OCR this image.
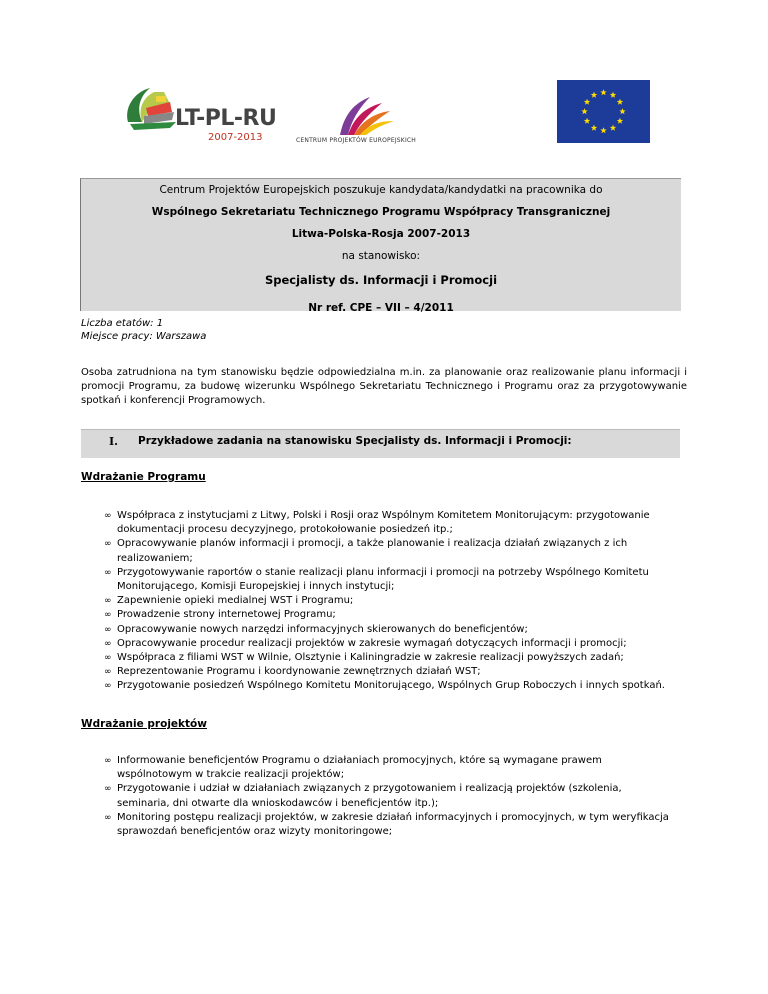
LT-PL-RU
2007-2013	CENTRUM PROJEKTÓW EUROPEJSKICH
Centrum Projektów Europejskich poszukuje kandydata/kandydatki na pracownika do
Wspólnego Sekretariatu Technicznego Programu Współpracy Transgranicznej
Litwa-Polska-Rosja 2007-2013
na stanowisko:
Specjalisty ds. Informacji i Promocji
Nr ref. CPE – VII – 4/2011
Liczba etatów: 1
Miejsce pracy: Warszawa
Osoba zatrudniona na tym stanowisku będzie odpowiedzialna m.in. za planowanie oraz realizowanie planu informacji i promocji Programu, za budowę wizerunku Wspólnego Sekretariatu Technicznego i Programu oraz za przygotowywanie spotkań i konferencji Programowych.
I. Przykładowe zadania na stanowisku Specjalisty ds. Informacji i Promocji:
Wdrażanie Programu
∞ Współpraca z instytucjami z Litwy, Polski i Rosji oraz Wspólnym Komitetem Monitorującym: przygotowanie dokumentacji procesu decyzyjnego, protokołowanie posiedzeń itp.;
∞ Opracowywanie planów informacji i promocji, a także planowanie i realizacja działań związanych z ich realizowaniem;
∞ Przygotowywanie raportów o stanie realizacji planu informacji i promocji na potrzeby Wspólnego Komitetu Monitorującego, Komisji Europejskiej i innych instytucji;
∞ Zapewnienie opieki medialnej WST i Programu;
∞ Prowadzenie strony internetowej Programu;
∞ Opracowywanie nowych narzędzi informacyjnych skierowanych do beneficjentów;
∞ Opracowywanie procedur realizacji projektów w zakresie wymagań dotyczących informacji i promocji;
∞ Współpraca z filiami WST w Wilnie, Olsztynie i Kaliningradzie w zakresie realizacji powyższych zadań;
∞ Reprezentowanie Programu i koordynowanie zewnętrznych działań WST;
∞ Przygotowanie posiedzeń Wspólnego Komitetu Monitorującego, Wspólnych Grup Roboczych i innych spotkań.
Wdrażanie projektów
∞ Informowanie beneficjentów Programu o działaniach promocyjnych, które są wymagane prawem wspólnotowym w trakcie realizacji projektów;
∞ Przygotowanie i udział w działaniach związanych z przygotowaniem i realizacją projektów (szkolenia, seminaria, dni otwarte dla wnioskodawców i beneficjentów itp.);
∞ Monitoring postępu realizacji projektów, w zakresie działań informacyjnych i promocyjnych, w tym weryfikacja sprawozdań beneficjentów oraz wizyty monitoringowe;
